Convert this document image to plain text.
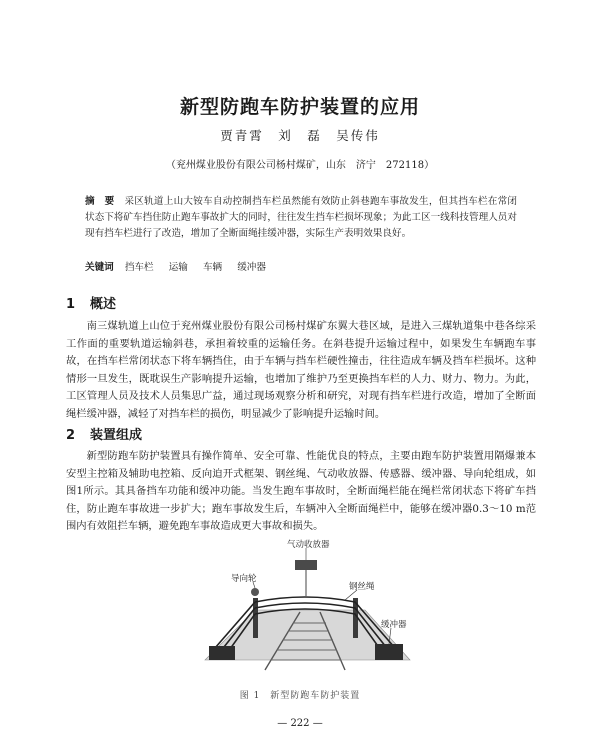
新型防跑车防护装置的应用
贾青霄　刘　磊　吴传伟
（兖州煤业股份有限公司杨村煤矿，山东　济宁　272118）
摘　要 采区轨道上山大铵车自动控制挡车栏虽然能有效防止斜巷跑车事故发生，但其挡车栏在常闭状态下将矿车挡住防止跑车事故扩大的同时，往往发生挡车栏损坏现象；为此工区一线科技管理人员对现有挡车栏进行了改造，增加了全断面绳挂缓冲器，实际生产表明效果良好。
关键词 挡车栏 运输 车辆 缓冲器
1 概述
南三煤轨道上山位于兖州煤业股份有限公司杨村煤矿东翼大巷区域，是进入三煤轨道集中巷各综采工作面的重要轨道运输斜巷，承担着较重的运输任务。在斜巷提升运输过程中，如果发生车辆跑车事故，在挡车栏常闭状态下将车辆挡住，由于车辆与挡车栏硬性撞击，往往造成车辆及挡车栏损坏。这种情形一旦发生，既耽误生产影响提升运输，也增加了维护乃至更换挡车栏的人力、财力、物力。为此，工区管理人员及技术人员集思广益，通过现场观察分析和研究，对现有挡车栏进行改造，增加了全断面绳栏缓冲器，减轻了对挡车栏的损伤，明显减少了影响提升运输时间。
2 装置组成
新型防跑车防护装置具有操作简单、安全可靠、性能优良的特点，主要由跑车防护装置用隔爆兼本安型主控箱及辅助电控箱、反向迫开式框架、钢丝绳、气动收放器、传感器、缓冲器、导向轮组成，如图1所示。其具备挡车功能和缓冲功能。当发生跑车事故时，全断面绳栏能在绳栏常闭状态下将矿车挡住，防止跑车事故进一步扩大；跑车事故发生后，车辆冲入全断面绳栏中，能够在缓冲器0.3～10 m范围内有效阻拦车辆，避免跑车事故造成更大事故和损失。
气动收放器
导向轮
钢丝绳
缓冲器
图 1　新型防跑车防护装置
— 222 —
